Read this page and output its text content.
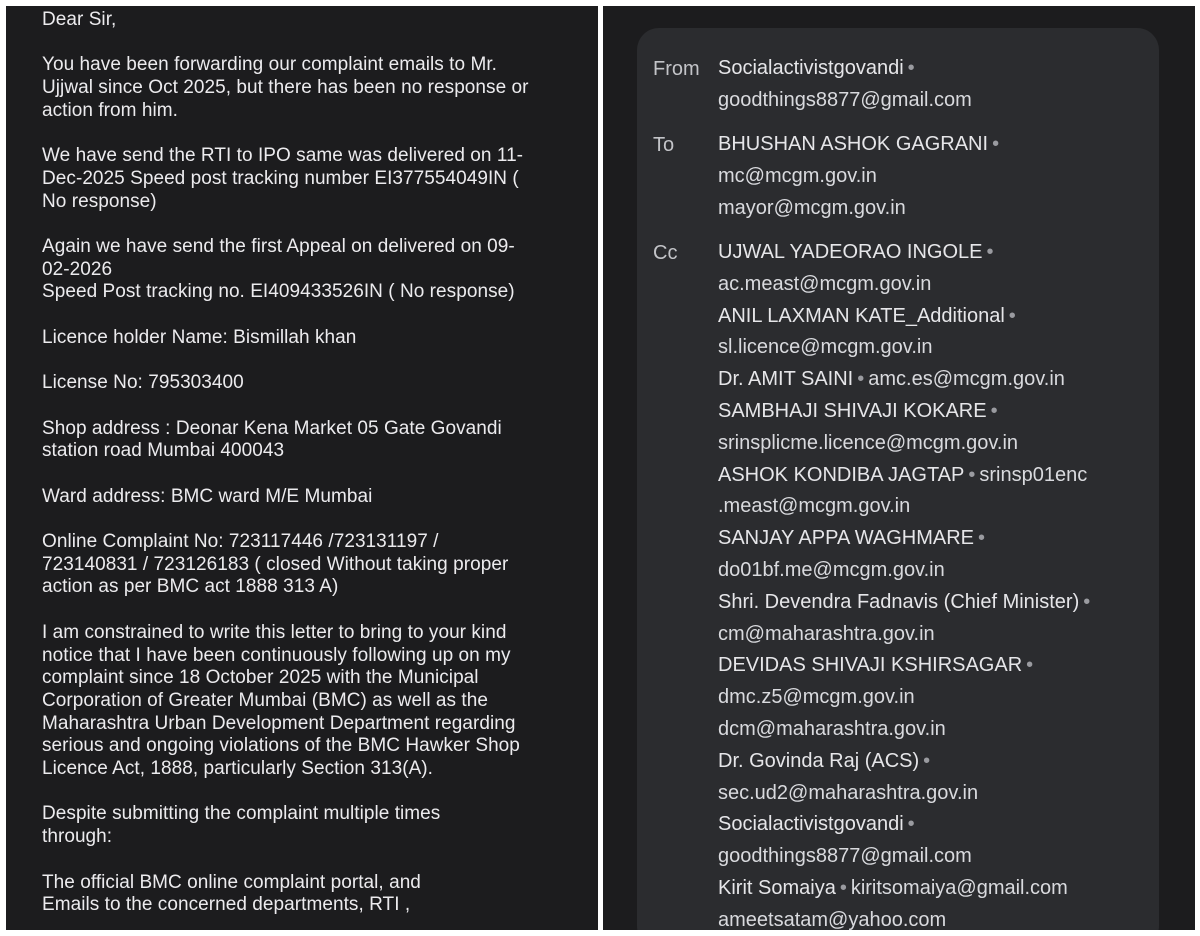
Dear Sir,

You have been forwarding our complaint emails to Mr.
Ujjwal since Oct 2025, but there has been no response or
action from him.

We have send the RTI to IPO same was delivered on 11-
Dec-2025 Speed post tracking number EI377554049IN (
No response)

Again we have send the first Appeal on delivered on 09-
02-2026
Speed Post tracking no. EI409433526IN ( No response)

Licence holder Name: Bismillah khan

License No: 795303400

Shop address : Deonar Kena Market 05 Gate Govandi
station road Mumbai 400043

Ward address: BMC ward M/E Mumbai

Online Complaint No: 723117446 /723131197 /
723140831 / 723126183 ( closed Without taking proper
action as per BMC act 1888 313 A)

I am constrained to write this letter to bring to your kind
notice that I have been continuously following up on my
complaint since 18 October 2025 with the Municipal
Corporation of Greater Mumbai (BMC) as well as the
Maharashtra Urban Development Department regarding
serious and ongoing violations of the BMC Hawker Shop
Licence Act, 1888, particularly Section 313(A).

Despite submitting the complaint multiple times
through:

The official BMC online complaint portal, and
Emails to the concerned departments, RTI ,

From Socialactivistgovandi •
goodthings8877@gmail.com
To BHUSHAN ASHOK GAGRANI •
mc@mcgm.gov.in
mayor@mcgm.gov.in
Cc UJWAL YADEORAO INGOLE •
ac.meast@mcgm.gov.in
ANIL LAXMAN KATE_Additional •
sl.licence@mcgm.gov.in
Dr. AMIT SAINI • amc.es@mcgm.gov.in
SAMBHAJI SHIVAJI KOKARE •
srinsplicme.licence@mcgm.gov.in
ASHOK KONDIBA JAGTAP • srinsp01enc
.meast@mcgm.gov.in
SANJAY APPA WAGHMARE •
do01bf.me@mcgm.gov.in
Shri. Devendra Fadnavis (Chief Minister) •
cm@maharashtra.gov.in
DEVIDAS SHIVAJI KSHIRSAGAR •
dmc.z5@mcgm.gov.in
dcm@maharashtra.gov.in
Dr. Govinda Raj (ACS) •
sec.ud2@maharashtra.gov.in
Socialactivistgovandi •
goodthings8877@gmail.com
Kirit Somaiya • kiritsomaiya@gmail.com
ameetsatam@yahoo.com
